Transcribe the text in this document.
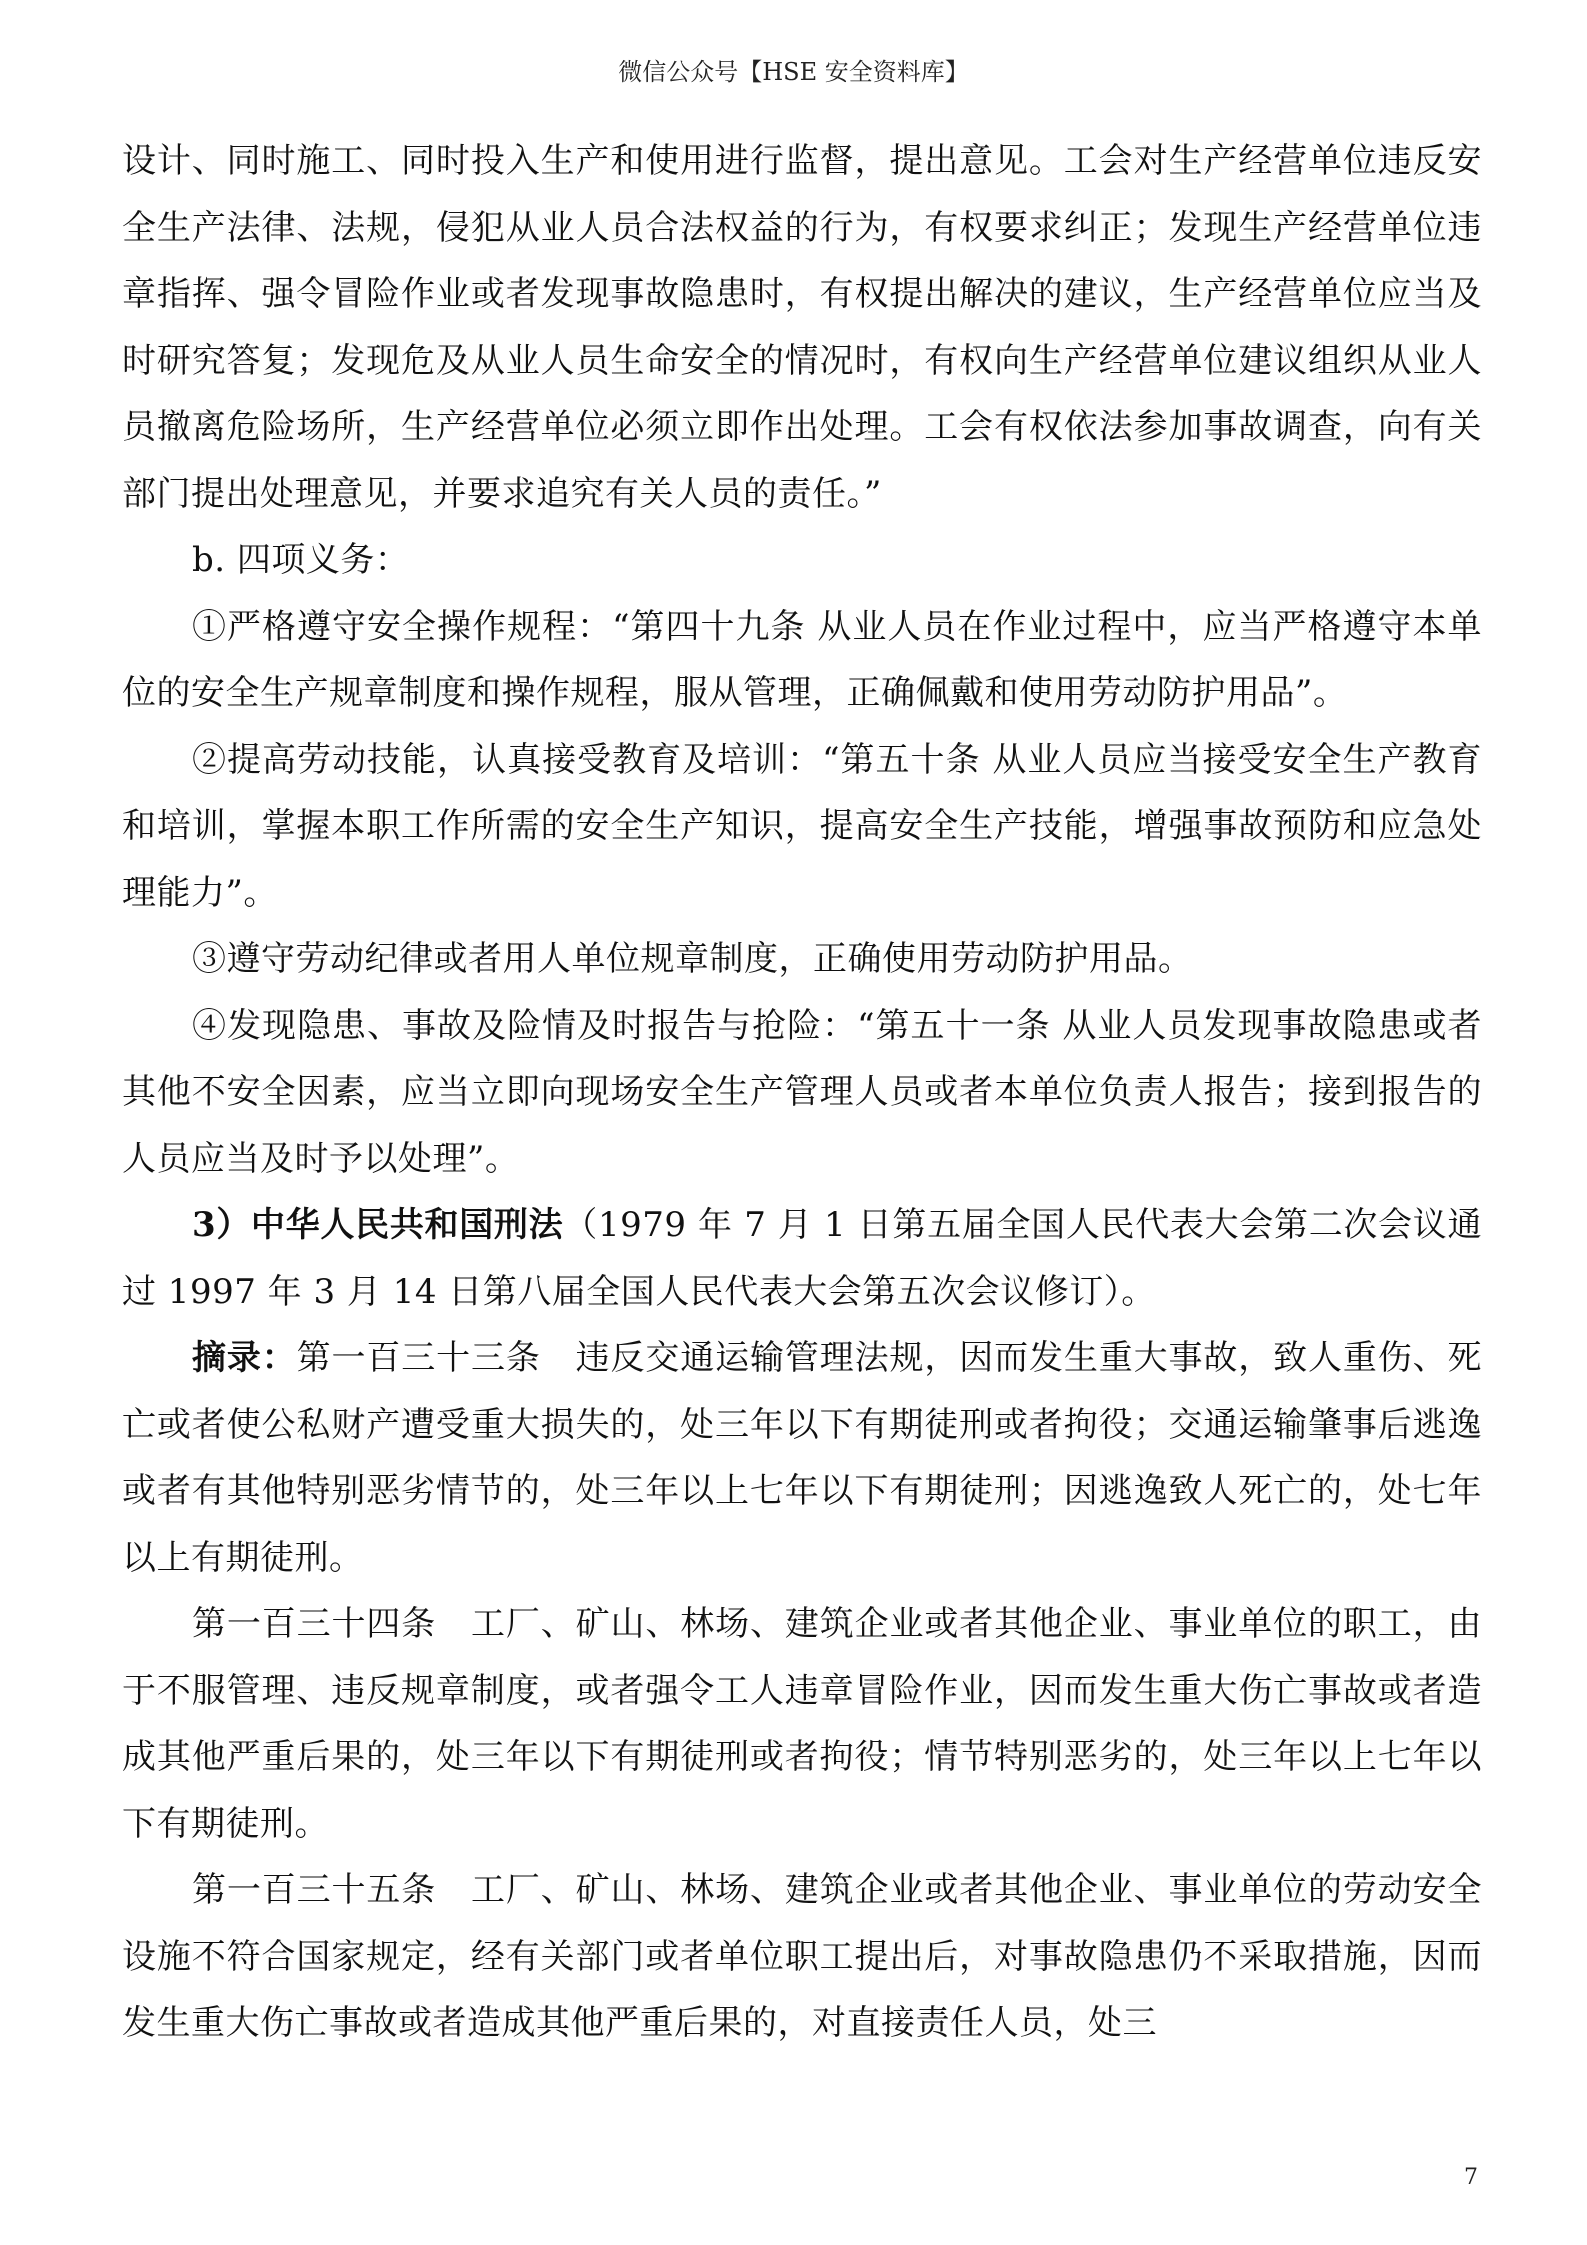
微信公众号【HSE 安全资料库】

设计、同时施工、同时投入生产和使用进行监督，提出意见。工会对生产经营单位违反安全生产法律、法规，侵犯从业人员合法权益的行为，有权要求纠正；发现生产经营单位违章指挥、强令冒险作业或者发现事故隐患时，有权提出解决的建议，生产经营单位应当及时研究答复；发现危及从业人员生命安全的情况时，有权向生产经营单位建议组织从业人员撤离危险场所，生产经营单位必须立即作出处理。工会有权依法参加事故调查，向有关部门提出处理意见，并要求追究有关人员的责任。”

b. 四项义务：

①严格遵守安全操作规程：“第四十九条 从业人员在作业过程中，应当严格遵守本单位的安全生产规章制度和操作规程，服从管理，正确佩戴和使用劳动防护用品”。

②提高劳动技能，认真接受教育及培训：“第五十条 从业人员应当接受安全生产教育和培训，掌握本职工作所需的安全生产知识，提高安全生产技能，增强事故预防和应急处理能力”。

③遵守劳动纪律或者用人单位规章制度，正确使用劳动防护用品。

④发现隐患、事故及险情及时报告与抢险：“第五十一条 从业人员发现事故隐患或者其他不安全因素，应当立即向现场安全生产管理人员或者本单位负责人报告；接到报告的人员应当及时予以处理”。

3）中华人民共和国刑法（1979 年 7 月 1 日第五届全国人民代表大会第二次会议通过 1997 年 3 月 14 日第八届全国人民代表大会第五次会议修订）。

摘录：第一百三十三条　违反交通运输管理法规，因而发生重大事故，致人重伤、死亡或者使公私财产遭受重大损失的，处三年以下有期徒刑或者拘役；交通运输肇事后逃逸或者有其他特别恶劣情节的，处三年以上七年以下有期徒刑；因逃逸致人死亡的，处七年以上有期徒刑。

第一百三十四条　工厂、矿山、林场、建筑企业或者其他企业、事业单位的职工，由于不服管理、违反规章制度，或者强令工人违章冒险作业，因而发生重大伤亡事故或者造成其他严重后果的，处三年以下有期徒刑或者拘役；情节特别恶劣的，处三年以上七年以下有期徒刑。

第一百三十五条　工厂、矿山、林场、建筑企业或者其他企业、事业单位的劳动安全设施不符合国家规定，经有关部门或者单位职工提出后，对事故隐患仍不采取措施，因而发生重大伤亡事故或者造成其他严重后果的，对直接责任人员，处三

7
